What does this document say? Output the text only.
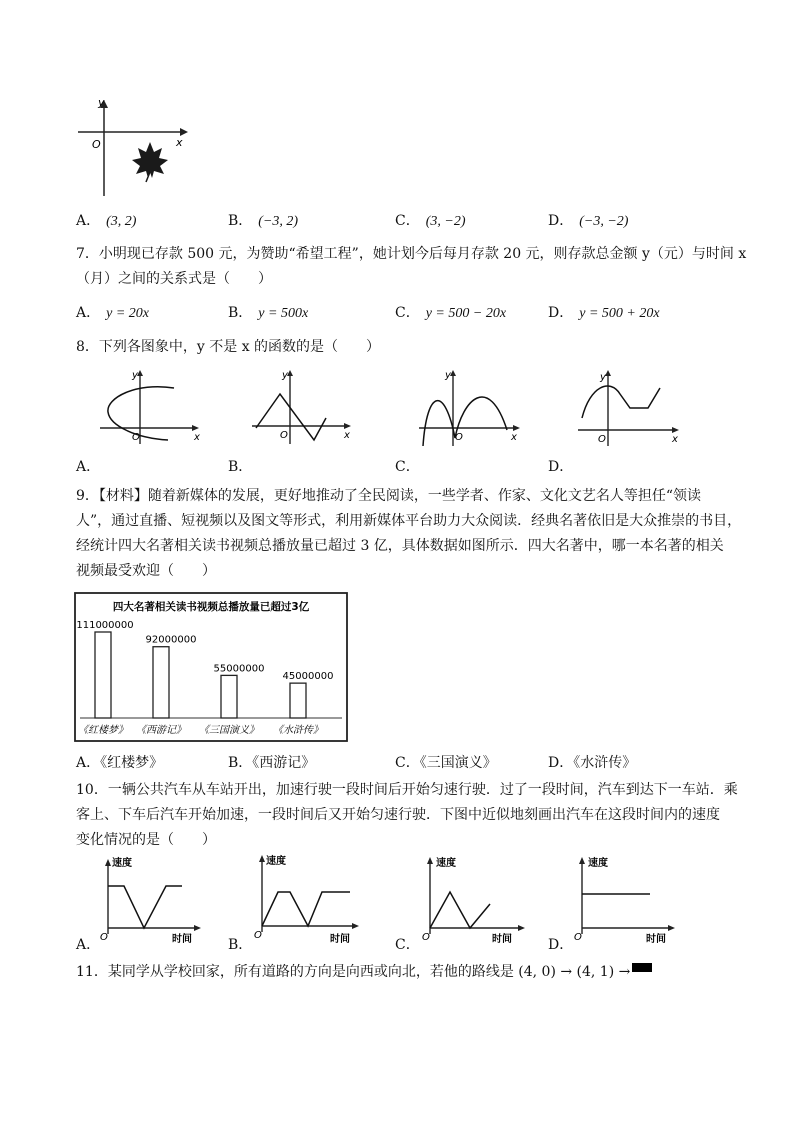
y
x
O
A． (3, 2)	B． (−3, 2)	C． (3, −2)	D． (−3, −2)
7．小明现已存款 500 元，为赞助“希望工程”，她计划今后每月存款 20 元，则存款总金额 y（元）与时间 x
（月）之间的关系式是（　　）
A． y = 20x	B． y = 500x	C． y = 500 − 20x	D． y = 500 + 20x
8．下列各图象中，y 不是 x 的函数的是（　　）
y
x
O
A．
y
x
O
B．
y
x
O
C．
y
x
O
D．
9．【材料】随着新媒体的发展，更好地推动了全民阅读，一些学者、作家、文化文艺名人等担任“领读
人”，通过直播、短视频以及图文等形式，利用新媒体平台助力大众阅读．经典名著依旧是大众推崇的书目，
经统计四大名著相关读书视频总播放量已超过 3 亿，具体数据如图所示．四大名著中，哪一本名著的相关
视频最受欢迎（　　）
四大名著相关读书视频总播放量已超过3亿
111000000
《红楼梦》
92000000
《西游记》
55000000
《三国演义》
45000000
《水浒传》
A．《红楼梦》	B．《西游记》	C．《三国演义》	D．《水浒传》
10．一辆公共汽车从车站开出，加速行驶一段时间后开始匀速行驶．过了一段时间，汽车到达下一车站．乘
客上、下车后汽车开始加速，一段时间后又开始匀速行驶．下图中近似地刻画出汽车在这段时间内的速度
变化情况的是（　　）
速度
时间
O
A．
速度
时间
O
B．
速度
时间
O
C．
速度
时间
O
D．
11．某同学从学校回家，所有道路的方向是向西或向北，若他的路线是 (4, 0) → (4, 1) →
